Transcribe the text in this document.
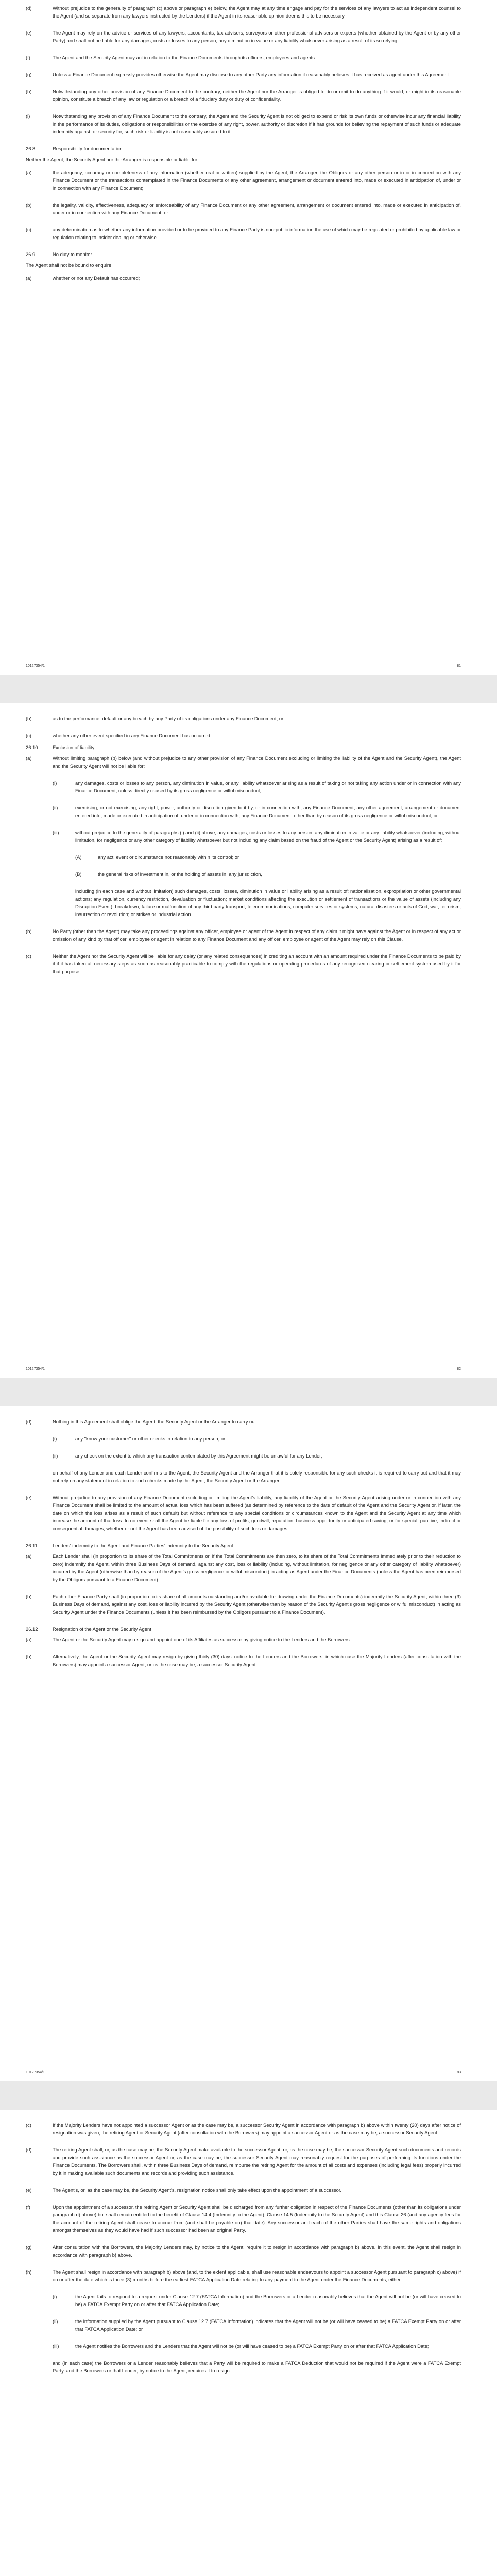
(d)	Without prejudice to the generality of paragraph (c) above or paragraph e) below, the Agent may at any time engage and pay for the services of any lawyers to act as independent counsel to the Agent (and so separate from any lawyers instructed by the Lenders) if the Agent in its reasonable opinion deems this to be necessary.
(e)	The Agent may rely on the advice or services of any lawyers, accountants, tax advisers, surveyors or other professional advisers or experts (whether obtained by the Agent or by any other Party) and shall not be liable for any damages, costs or losses to any person, any diminution in value or any liability whatsoever arising as a result of its so relying.
(f)	The Agent and the Security Agent may act in relation to the Finance Documents through its officers, employees and agents.
(g)	Unless a Finance Document expressly provides otherwise the Agent may disclose to any other Party any information it reasonably believes it has received as agent under this Agreement.
(h)	Notwithstanding any other provision of any Finance Document to the contrary, neither the Agent nor the Arranger is obliged to do or omit to do anything if it would, or might in its reasonable opinion, constitute a breach of any law or regulation or a breach of a fiduciary duty or duty of confidentiality.
(i)	Notwithstanding any provision of any Finance Document to the contrary, the Agent and the Security Agent is not obliged to expend or risk its own funds or otherwise incur any financial liability in the performance of its duties, obligations or responsibilities or the exercise of any right, power, authority or discretion if it has grounds for believing the repayment of such funds or adequate indemnity against, or security for, such risk or liability is not reasonably assured to it.
26.8	Responsibility for documentation
Neither the Agent, the Security Agent nor the Arranger is responsible or liable for:
(a)	the adequacy, accuracy or completeness of any information (whether oral or written) supplied by the Agent, the Arranger, the Obligors or any other person or in or in connection with any Finance Document or the transactions contemplated in the Finance Documents or any other agreement, arrangement or document entered into, made or executed in anticipation of, under or in connection with any Finance Document;
(b)	the legality, validity, effectiveness, adequacy or enforceability of any Finance Document or any other agreement, arrangement or document entered into, made or executed in anticipation of, under or in connection with any Finance Document; or
(c)	any determination as to whether any information provided or to be provided to any Finance Party is non-public information the use of which may be regulated or prohibited by applicable law or regulation relating to insider dealing or otherwise.
26.9	No duty to monitor
The Agent shall not be bound to enquire:
(a)	whether or not any Default has occurred;
10127354/1	81
(b)	as to the performance, default or any breach by any Party of its obligations under any Finance Document; or
(c)	whether any other event specified in any Finance Document has occurred
26.10	Exclusion of liability
(a)	Without limiting paragraph (b) below (and without prejudice to any other provision of any Finance Document excluding or limiting the liability of the Agent and the Security Agent), the Agent and the Security Agent will not be liable for:
(i)	any damages, costs or losses to any person, any diminution in value, or any liability whatsoever arising as a result of taking or not taking any action under or in connection with any Finance Document, unless directly caused by its gross negligence or wilful misconduct;
(ii)	exercising, or not exercising, any right, power, authority or discretion given to it by, or in connection with, any Finance Document, any other agreement, arrangement or document entered into, made or executed in anticipation of, under or in connection with, any Finance Document, other than by reason of its gross negligence or wilful misconduct; or
(iii)	without prejudice to the generality of paragraphs (i) and (ii) above, any damages, costs or losses to any person, any diminution in value or any liability whatsoever (including, without limitation, for negligence or any other category of liability whatsoever but not including any claim based on the fraud of the Agent or the Security Agent) arising as a result of:
(A)	any act, event or circumstance not reasonably within its control; or
(B)	the general risks of investment in, or the holding of assets in, any jurisdiction,
including (in each case and without limitation) such damages, costs, losses, diminution in value or liability arising as a result of: nationalisation, expropriation or other governmental actions; any regulation, currency restriction, devaluation or fluctuation; market conditions affecting the execution or settlement of transactions or the value of assets (including any Disruption Event); breakdown, failure or malfunction of any third party transport, telecommunications, computer services or systems; natural disasters or acts of God; war, terrorism, insurrection or revolution; or strikes or industrial action.
(b)	No Party (other than the Agent) may take any proceedings against any officer, employee or agent of the Agent in respect of any claim it might have against the Agent or in respect of any act or omission of any kind by that officer, employee or agent in relation to any Finance Document and any officer, employee or agent of the Agent may rely on this Clause.
(c)	Neither the Agent nor the Security Agent will be liable for any delay (or any related consequences) in crediting an account with an amount required under the Finance Documents to be paid by it if it has taken all necessary steps as soon as reasonably practicable to comply with the regulations or operating procedures of any recognised clearing or settlement system used by it for that purpose.
10127354/1	82
(d)	Nothing in this Agreement shall oblige the Agent, the Security Agent or the Arranger to carry out:
(i)	any "know your customer" or other checks in relation to any person; or
(ii)	any check on the extent to which any transaction contemplated by this Agreement might be unlawful for any Lender,
on behalf of any Lender and each Lender confirms to the Agent, the Security Agent and the Arranger that it is solely responsible for any such checks it is required to carry out and that it may not rely on any statement in relation to such checks made by the Agent, the Security Agent or the Arranger.
(e)	Without prejudice to any provision of any Finance Document excluding or limiting the Agent's liability, any liability of the Agent or the Security Agent arising under or in connection with any Finance Document shall be limited to the amount of actual loss which has been suffered (as determined by reference to the date of default of the Agent and the Security Agent or, if later, the date on which the loss arises as a result of such default) but without reference to any special conditions or circumstances known to the Agent and the Security Agent at any time which increase the amount of that loss. In no event shall the Agent be liable for any loss of profits, goodwill, reputation, business opportunity or anticipated saving, or for special, punitive, indirect or consequential damages, whether or not the Agent has been advised of the possibility of such loss or damages.
26.11	Lenders' indemnity to the Agent and Finance Parties' indemnity to the Security Agent
(a)	Each Lender shall (in proportion to its share of the Total Commitments or, if the Total Commitments are then zero, to its share of the Total Commitments immediately prior to their reduction to zero) indemnify the Agent, within three Business Days of demand, against any cost, loss or liability (including, without limitation, for negligence or any other category of liability whatsoever) incurred by the Agent (otherwise than by reason of the Agent's gross negligence or wilful misconduct) in acting as Agent under the Finance Documents (unless the Agent has been reimbursed by the Obligors pursuant to a Finance Document).
(b)	Each other Finance Party shall (in proportion to its share of all amounts outstanding and/or available for drawing under the Finance Documents) indemnify the Security Agent, within three (3) Business Days of demand, against any cost, loss or liability incurred by the Security Agent (otherwise than by reason of the Security Agent's gross negligence or wilful misconduct) in acting as Security Agent under the Finance Documents (unless it has been reimbursed by the Obligors pursuant to a Finance Document).
26.12	Resignation of the Agent or the Security Agent
(a)	The Agent or the Security Agent may resign and appoint one of its Affiliates as successor by giving notice to the Lenders and the Borrowers.
(b)	Alternatively, the Agent or the Security Agent may resign by giving thirty (30) days' notice to the Lenders and the Borrowers, in which case the Majority Lenders (after consultation with the Borrowers) may appoint a successor Agent, or as the case may be, a successor Security Agent.
10127354/1	83
(c)	If the Majority Lenders have not appointed a successor Agent or as the case may be, a successor Security Agent in accordance with paragraph b) above within twenty (20) days after notice of resignation was given, the retiring Agent or Security Agent (after consultation with the Borrowers) may appoint a successor Agent or as the case may be, a successor Security Agent.
(d)	The retiring Agent shall, or, as the case may be, the Security Agent make available to the successor Agent, or, as the case may be, the successor Security Agent such documents and records and provide such assistance as the successor Agent or, as the case may be, the successor Security Agent may reasonably request for the purposes of performing its functions under the Finance Documents. The Borrowers shall, within three Business Days of demand, reimburse the retiring Agent for the amount of all costs and expenses (including legal fees) properly incurred by it in making available such documents and records and providing such assistance.
(e)	The Agent's, or, as the case may be, the Security Agent's, resignation notice shall only take effect upon the appointment of a successor.
(f)	Upon the appointment of a successor, the retiring Agent or Security Agent shall be discharged from any further obligation in respect of the Finance Documents (other than its obligations under paragraph d) above) but shall remain entitled to the benefit of Clause 14.4 (Indemnity to the Agent), Clause 14.5 (Indemnity to the Security Agent) and this Clause 26 (and any agency fees for the account of the retiring Agent shall cease to accrue from (and shall be payable on) that date). Any successor and each of the other Parties shall have the same rights and obligations amongst themselves as they would have had if such successor had been an original Party.
(g)	After consultation with the Borrowers, the Majority Lenders may, by notice to the Agent, require it to resign in accordance with paragraph b) above. In this event, the Agent shall resign in accordance with paragraph b) above.
(h)	The Agent shall resign in accordance with paragraph b) above (and, to the extent applicable, shall use reasonable endeavours to appoint a successor Agent pursuant to paragraph c) above) if on or after the date which is three (3) months before the earliest FATCA Application Date relating to any payment to the Agent under the Finance Documents, either:
(i)	the Agent fails to respond to a request under Clause 12.7 (FATCA Information) and the Borrowers or a Lender reasonably believes that the Agent will not be (or will have ceased to be) a FATCA Exempt Party on or after that FATCA Application Date;
(ii)	the information supplied by the Agent pursuant to Clause 12.7 (FATCA Information) indicates that the Agent will not be (or will have ceased to be) a FATCA Exempt Party on or after that FATCA Application Date; or
(iii)	the Agent notifies the Borrowers and the Lenders that the Agent will not be (or will have ceased to be) a FATCA Exempt Party on or after that FATCA Application Date;
and (in each case) the Borrowers or a Lender reasonably believes that a Party will be required to make a FATCA Deduction that would not be required if the Agent were a FATCA Exempt Party, and the Borrowers or that Lender, by notice to the Agent, requires it to resign.
